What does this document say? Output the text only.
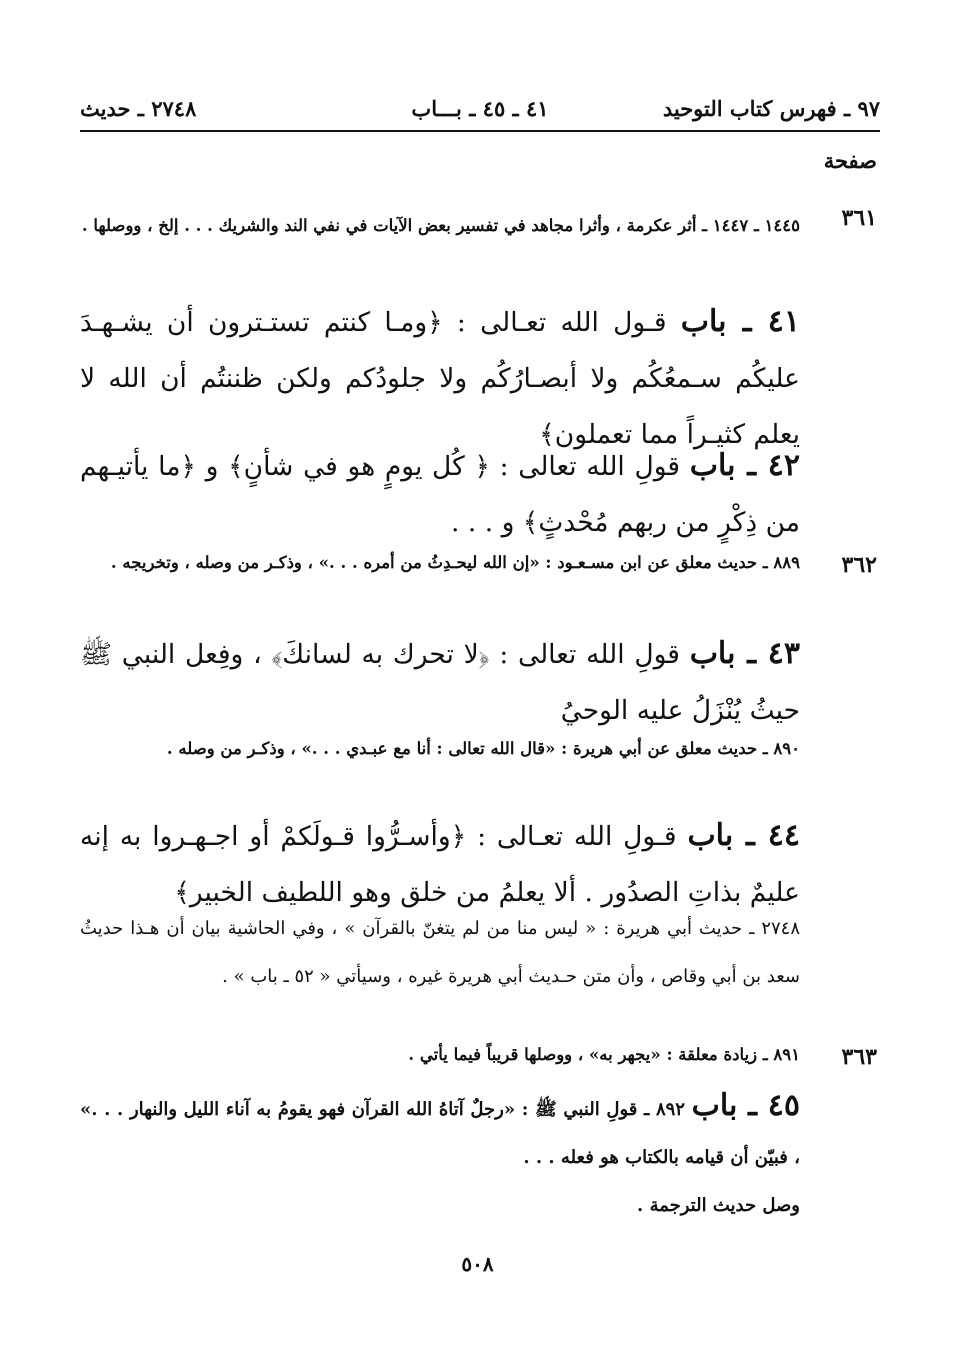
٩٧ ـ فهرس كتاب التوحيد
٤١ ـ ٤٥ ـ بـــاب
٢٧٤٨ ـ حديث
صفحة
٣٦١

١٤٤٥ ـ ١٤٤٧ ـ أثر عكرمة ، وأثرا مجاهد في تفسير بعض الآيات في نفي الند والشريك . . . إلخ ، ووصلها .

٤١ ـ باب قـول الله تعـالى : ﴿ومـا كنتم تستـترون أن يشـهـدَ عليكُم سـمعُكُم ولا أبصـارُكُم ولا جلودُكم ولكن ظننتُم أن الله لا يعلم كثيـراً مما تعملون﴾

٤٢ ـ باب قولِ الله تعالى : ﴿ كُل يومٍ هو في شأنٍ﴾ و ﴿ما يأتيـهم من ذِكْرٍ من ربهم مُحْدثٍ﴾ و . . .

٣٦٢

٨٨٩ ـ حديث معلق عن ابن مسـعـود : «إن الله ليحـدِثُ من أمره . . .» ، وذكـر من وصله ، وتخريجه .

٤٣ ـ باب قولِ الله تعالى : ﴿لا تحرك به لسانكَ﴾ ، وفِعل النبي ﷺ حيثُ يُنْزَلُ عليه الوحيُ

٨٩٠ ـ حديث معلق عن أبي هريرة : «قال الله تعالى : أنا مع عبـدي . . .» ، وذكـر من وصله .

٤٤ ـ باب قـولِ الله تعـالى : ﴿وأسـرُّوا قـولَكمْ أو اجـهـروا به إنه عليمٌ بذاتِ الصدُور . ألا يعلمُ من خلق وهو اللطيف الخبير﴾

٢٧٤٨ ـ حديث أبي هريرة : « ليس منا من لم يتغنّ بالقرآن » ، وفي الحاشية بيان أن هـذا حديثُ سعد بن أبي وقاص ، وأن متن حـديث أبي هريرة غيره ، وسيأتي « ٥٢ ـ باب » .

٣٦٣

٨٩١ ـ زيادة معلقة : «يجهر به» ، ووصلها قريباً فيما يأتي .

٤٥ ـ باب ٨٩٢ ـ قولِ النبي ﷺ : «رجلٌ آتاهُ الله القرآن فهو يقومُ به آناء الليل والنهار . . .» ، فبيّن أن قيامه بالكتاب هو فعله . . .

وصل حديث الترجمة .

٥٠٨
